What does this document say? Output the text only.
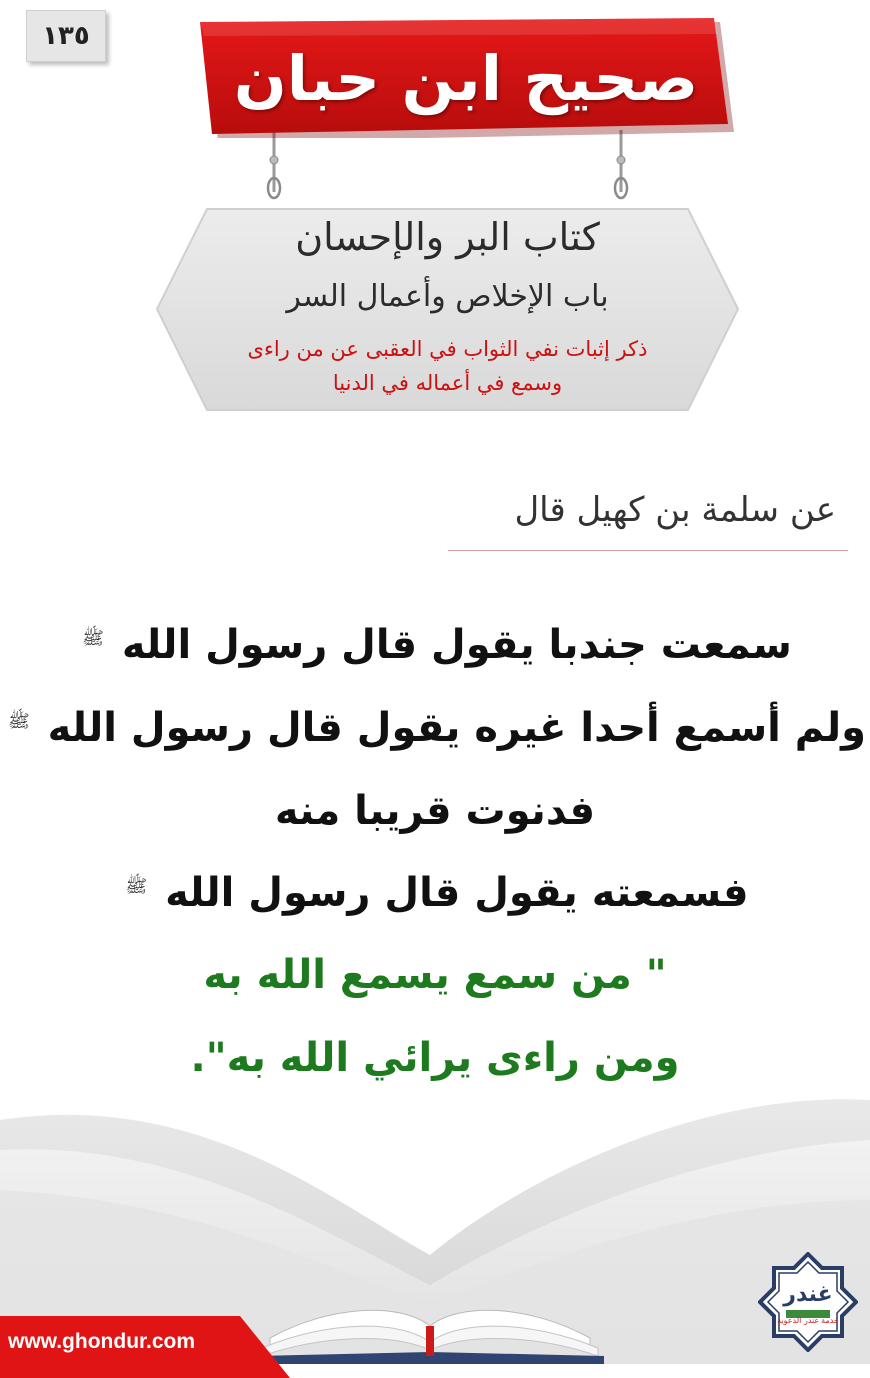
١٣٥
صحيح ابن حبان
كتاب البر والإحسان
باب الإخلاص وأعمال السر
ذكر إثبات نفي الثواب في العقبى عن من راءى
وسمع في أعماله في الدنيا
عن سلمة بن كهيل قال
سمعت جندبا يقول قال رسول الله ﷺ
ولم أسمع أحدا غيره يقول قال رسول الله ﷺ
فدنوت قريبا منه
فسمعته يقول قال رسول الله ﷺ
" من سمع يسمع الله به
ومن راءى يرائي الله به".
غندر
خدمة غندر الدعوية
www.ghondur.com
